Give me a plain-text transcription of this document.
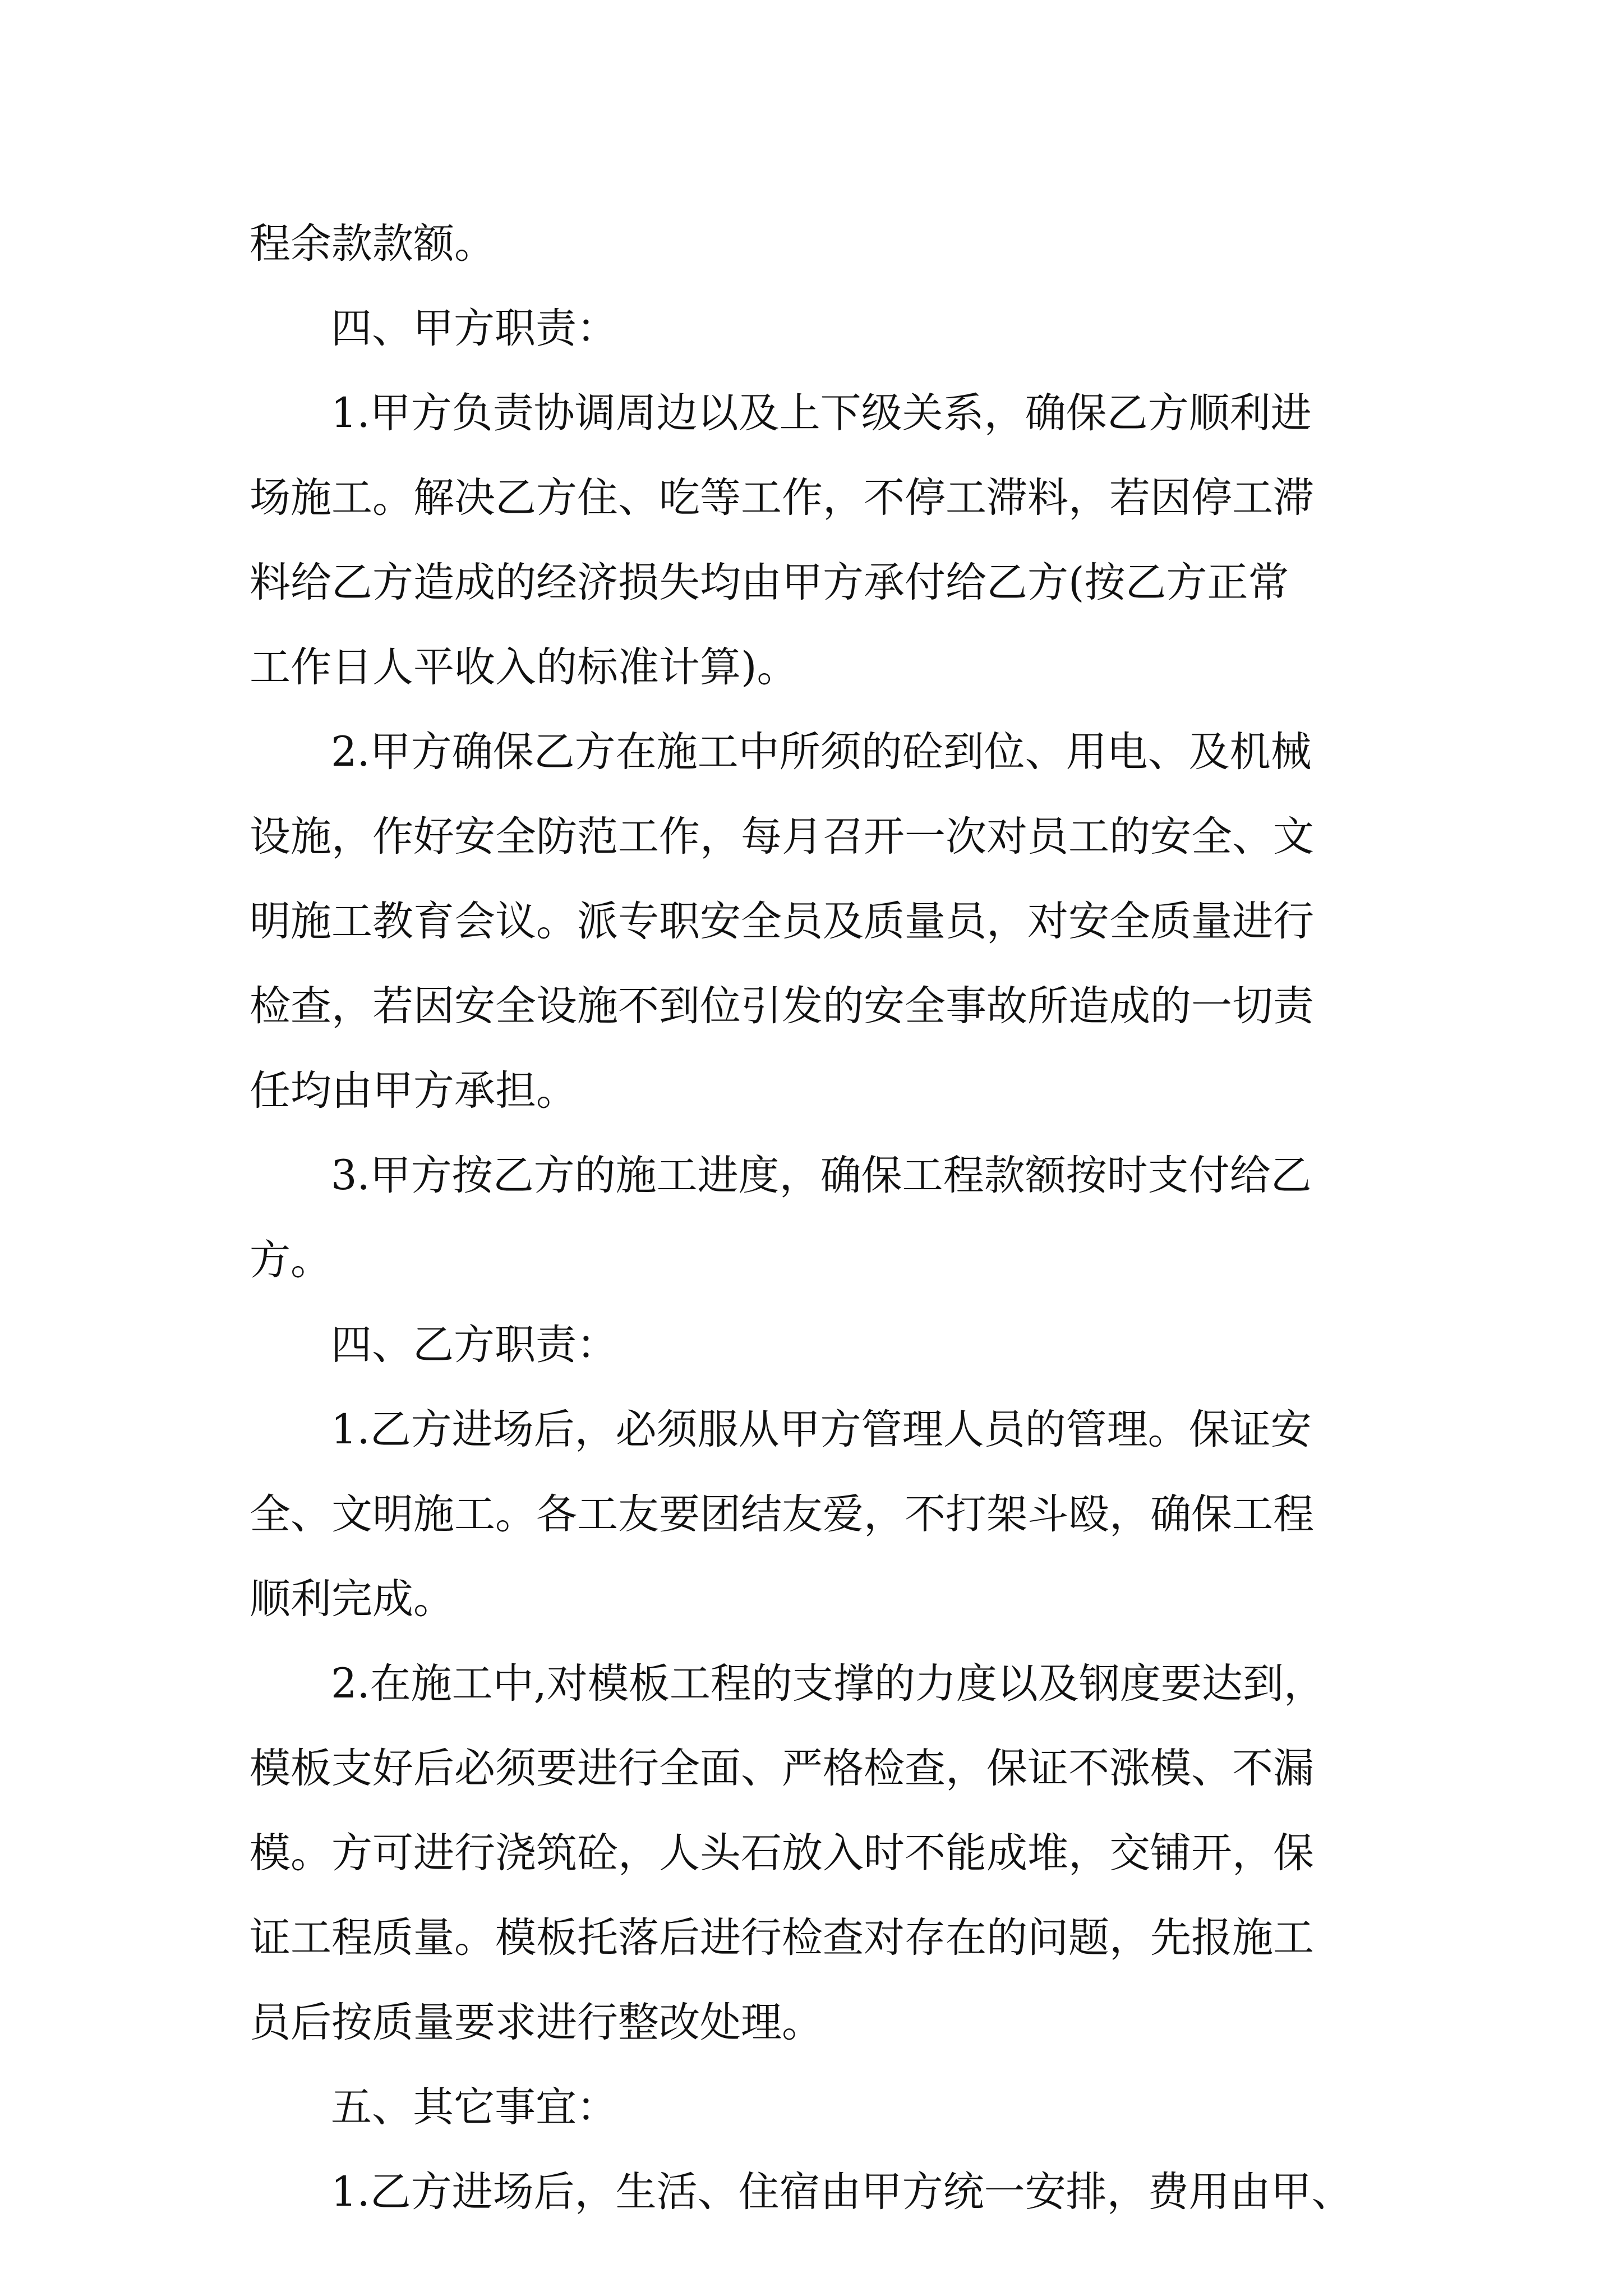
程余款款额。
四、甲方职责：
1.甲方负责协调周边以及上下级关系，确保乙方顺利进
场施工。解决乙方住、吃等工作，不停工滞料，若因停工滞
料给乙方造成的经济损失均由甲方承付给乙方(按乙方正常
工作日人平收入的标准计算)。
2.甲方确保乙方在施工中所须的砼到位、用电、及机械
设施，作好安全防范工作，每月召开一次对员工的安全、文
明施工教育会议。派专职安全员及质量员，对安全质量进行
检查，若因安全设施不到位引发的安全事故所造成的一切责
任均由甲方承担。
3.甲方按乙方的施工进度，确保工程款额按时支付给乙
方。
四、乙方职责：
1.乙方进场后，必须服从甲方管理人员的管理。保证安
全、文明施工。各工友要团结友爱，不打架斗殴，确保工程
顺利完成。
2.在施工中,对模板工程的支撑的力度以及钢度要达到，
模板支好后必须要进行全面、严格检查，保证不涨模、不漏
模。方可进行浇筑砼，人头石放入时不能成堆，交铺开，保
证工程质量。模板托落后进行检查对存在的问题，先报施工
员后按质量要求进行整改处理。
五、其它事宜：
1.乙方进场后，生活、住宿由甲方统一安排，费用由甲、
